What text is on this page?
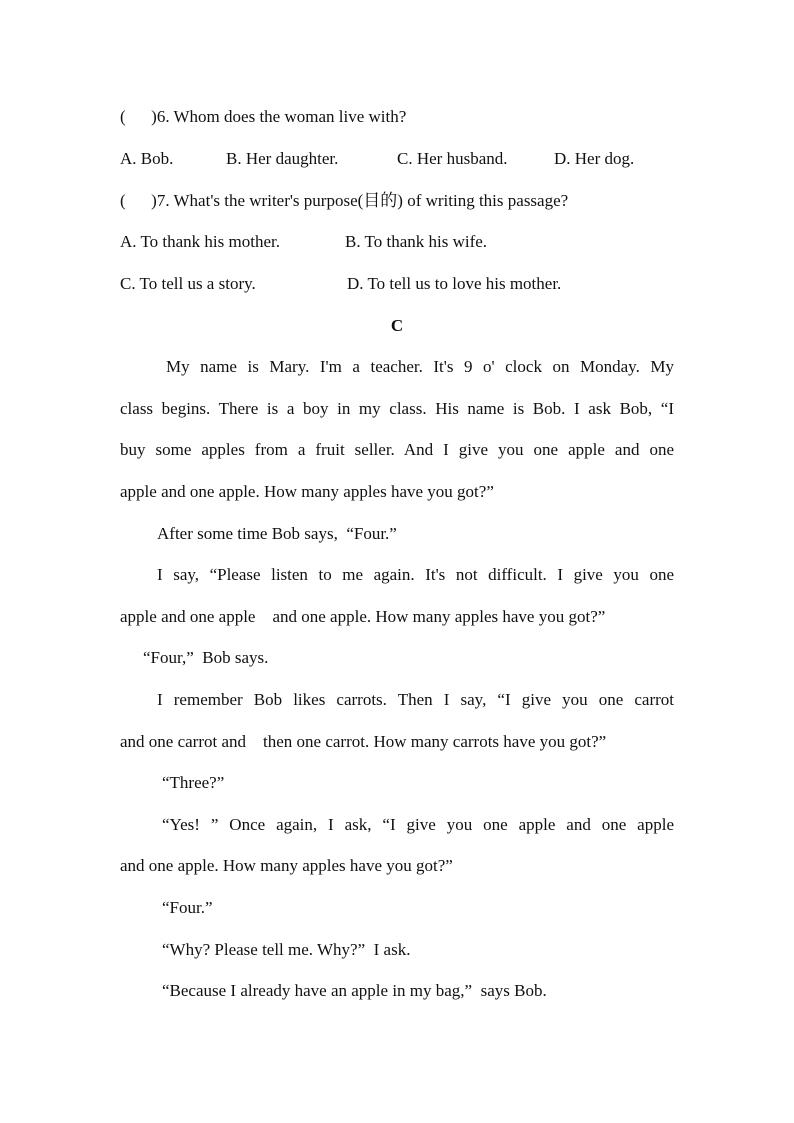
(      )6. Whom does the woman live with?
A. Bob.	B. Her daughter.	C. Her husband.	D. Her dog.
(      )7. What's the writer's purpose(目的) of writing this passage?
A. To thank his mother.	B. To thank his wife.
C. To tell us a story.	D. To tell us to love his mother.
C
My name is Mary. I'm a teacher. It's 9 o' clock on Monday. My
class begins. There is a boy in my class. His name is Bob. I ask Bob, “I
buy some apples from a fruit seller. And I give you one apple and one
apple and one apple. How many apples have you got?”
After some time Bob says,  “Four.”
I say, “Please listen to me again. It's not difficult. I give you one
apple and one apple    and one apple. How many apples have you got?”
“Four,”  Bob says.
I remember Bob likes carrots. Then I say, “I give you one carrot
and one carrot and    then one carrot. How many carrots have you got?”
“Three?”
“Yes! ” Once again, I ask, “I give you one apple and one apple
and one apple. How many apples have you got?”
“Four.”
“Why? Please tell me. Why?”  I ask.
“Because I already have an apple in my bag,”  says Bob.
